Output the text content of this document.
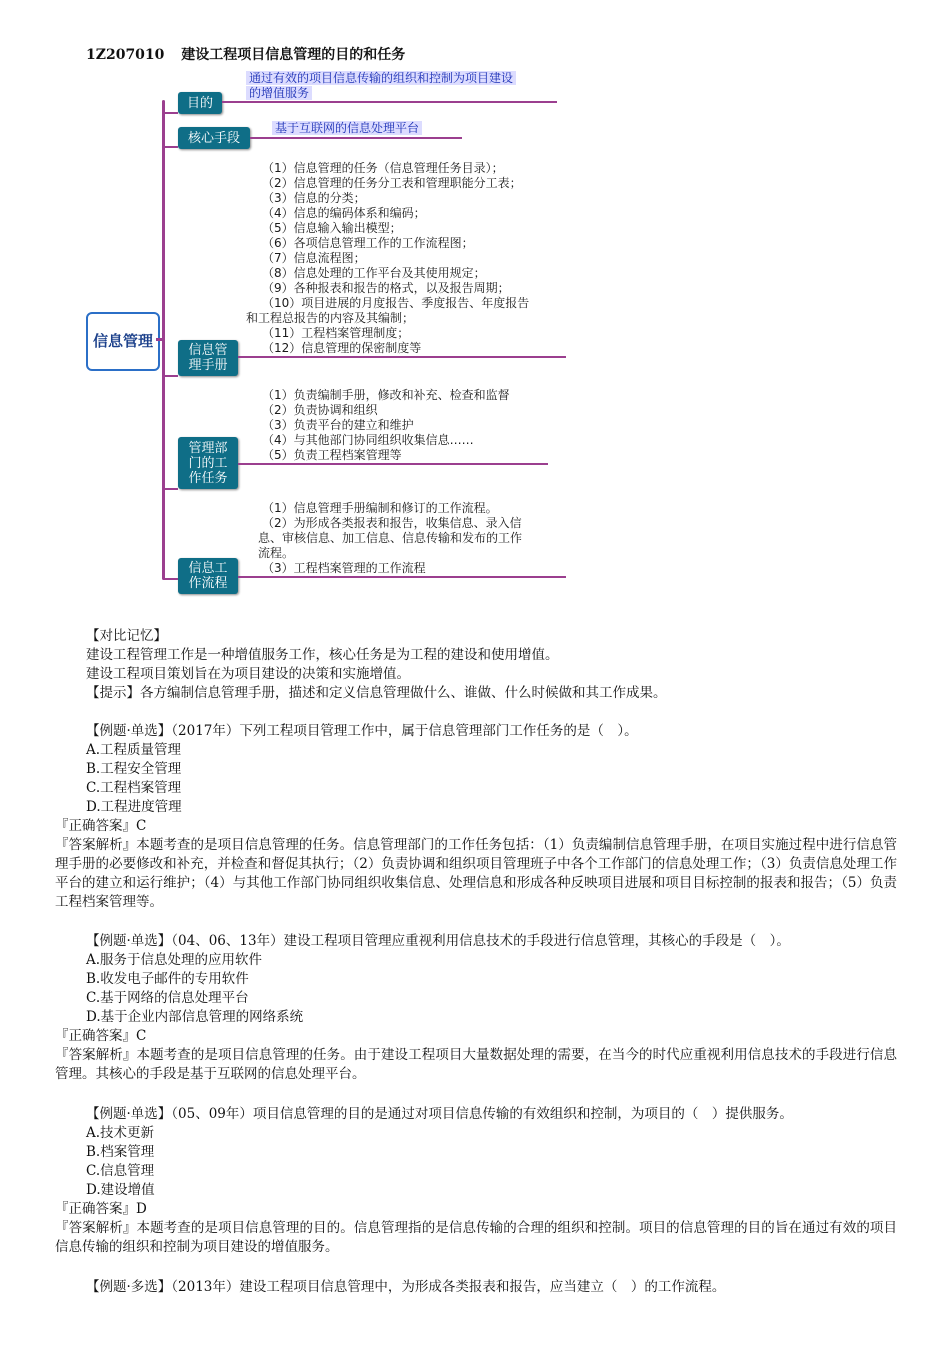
1Z207010 建设工程项目信息管理的目的和任务
信息管理
目的
通过有效的项目信息传输的组织和控制为项目建设
的增值服务
核心手段
基于互联网的信息处理平台
信息管理手册
（1）信息管理的任务（信息管理任务目录）；
（2）信息管理的任务分工表和管理职能分工表；
（3）信息的分类；
（4）信息的编码体系和编码；
（5）信息输入输出模型；
（6）各项信息管理工作的工作流程图；
（7）信息流程图；
（8）信息处理的工作平台及其使用规定；
（9）各种报表和报告的格式，以及报告周期；
（10）项目进展的月度报告、季度报告、年度报告
和工程总报告的内容及其编制；
（11）工程档案管理制度；
（12）信息管理的保密制度等
管理部门的工作任务
（1）负责编制手册，修改和补充、检查和监督
（2）负责协调和组织
（3）负责平台的建立和维护
（4）与其他部门协同组织收集信息……
（5）负责工程档案管理等
信息工作流程
（1）信息管理手册编制和修订的工作流程。
（2）为形成各类报表和报告，收集信息、录入信
息、审核信息、加工信息、信息传输和发布的工作
流程。
（3）工程档案管理的工作流程
【对比记忆】
建设工程管理工作是一种增值服务工作，核心任务是为工程的建设和使用增值。
建设工程项目策划旨在为项目建设的决策和实施增值。
【提示】各方编制信息管理手册，描述和定义信息管理做什么、谁做、什么时候做和其工作成果。
【例题·单选】（2017年）下列工程项目管理工作中，属于信息管理部门工作任务的是（　）。
A.工程质量管理
B.工程安全管理
C.工程档案管理
D.工程进度管理
『正确答案』C
『答案解析』本题考查的是项目信息管理的任务。信息管理部门的工作任务包括：（1）负责编制信息管理手册，在项目实施过程中进行信息管理手册的必要修改和补充，并检查和督促其执行；（2）负责协调和组织项目管理班子中各个工作部门的信息处理工作；（3）负责信息处理工作平台的建立和运行维护；（4）与其他工作部门协同组织收集信息、处理信息和形成各种反映项目进展和项目目标控制的报表和报告；（5）负责工程档案管理等。
【例题·单选】（04、06、13年）建设工程项目管理应重视利用信息技术的手段进行信息管理，其核心的手段是（　）。
A.服务于信息处理的应用软件
B.收发电子邮件的专用软件
C.基于网络的信息处理平台
D.基于企业内部信息管理的网络系统
『正确答案』C
『答案解析』本题考查的是项目信息管理的任务。由于建设工程项目大量数据处理的需要，在当今的时代应重视利用信息技术的手段进行信息管理。其核心的手段是基于互联网的信息处理平台。
【例题·单选】（05、09年）项目信息管理的目的是通过对项目信息传输的有效组织和控制，为项目的（　）提供服务。
A.技术更新
B.档案管理
C.信息管理
D.建设增值
『正确答案』D
『答案解析』本题考查的是项目信息管理的目的。信息管理指的是信息传输的合理的组织和控制。项目的信息管理的目的旨在通过有效的项目信息传输的组织和控制为项目建设的增值服务。
【例题·多选】（2013年）建设工程项目信息管理中，为形成各类报表和报告，应当建立（　）的工作流程。
